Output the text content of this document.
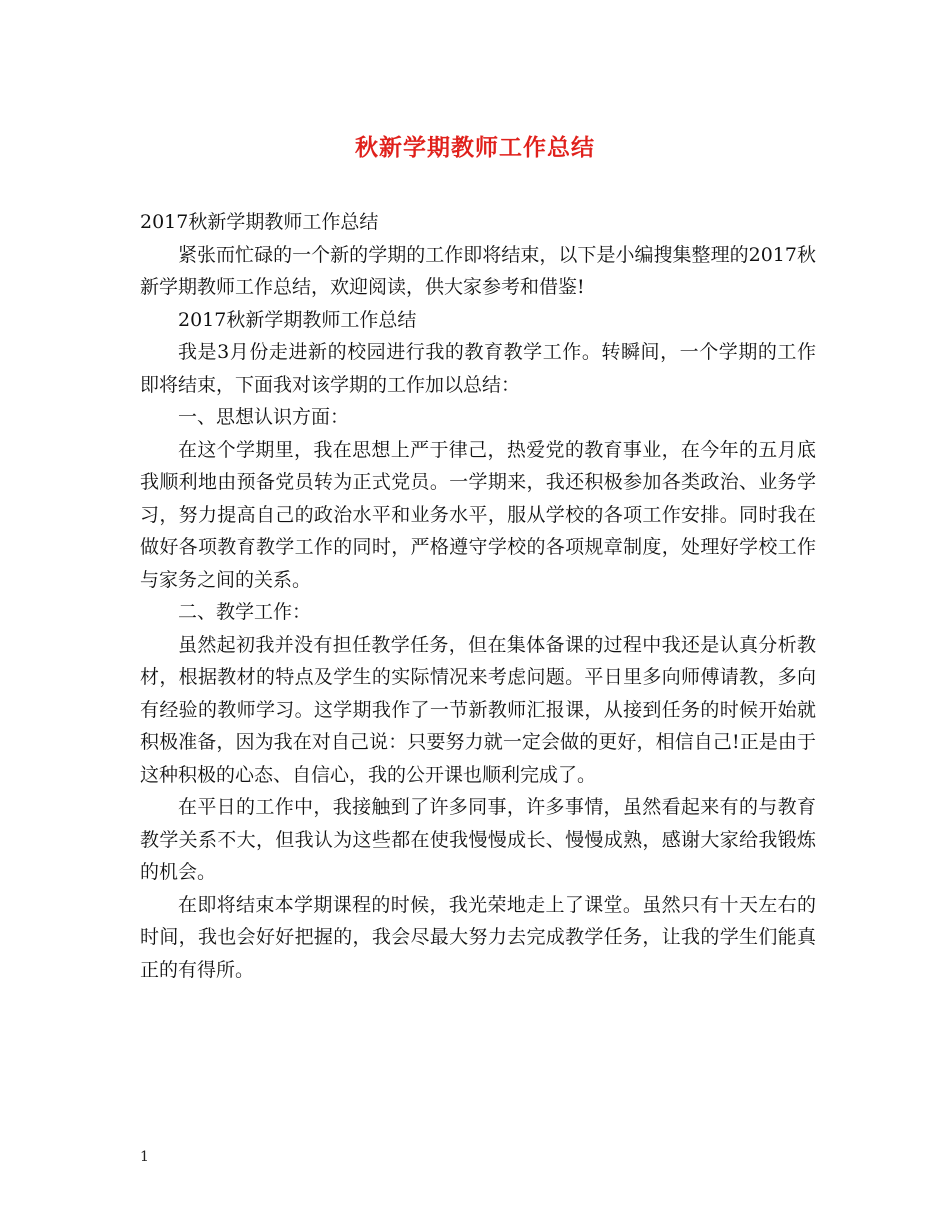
秋新学期教师工作总结

2017秋新学期教师工作总结

紧张而忙碌的一个新的学期的工作即将结束，以下是小编搜集整理的2017秋新学期教师工作总结，欢迎阅读，供大家参考和借鉴!

2017秋新学期教师工作总结

我是3月份走进新的校园进行我的教育教学工作。转瞬间，一个学期的工作即将结束，下面我对该学期的工作加以总结：

一、思想认识方面：

在这个学期里，我在思想上严于律己，热爱党的教育事业，在今年的五月底我顺利地由预备党员转为正式党员。一学期来，我还积极参加各类政治、业务学习，努力提高自己的政治水平和业务水平，服从学校的各项工作安排。同时我在做好各项教育教学工作的同时，严格遵守学校的各项规章制度，处理好学校工作与家务之间的关系。

二、教学工作：

虽然起初我并没有担任教学任务，但在集体备课的过程中我还是认真分析教材，根据教材的特点及学生的实际情况来考虑问题。平日里多向师傅请教，多向有经验的教师学习。这学期我作了一节新教师汇报课，从接到任务的时候开始就积极准备，因为我在对自己说：只要努力就一定会做的更好，相信自己!正是由于这种积极的心态、自信心，我的公开课也顺利完成了。

在平日的工作中，我接触到了许多同事，许多事情，虽然看起来有的与教育教学关系不大，但我认为这些都在使我慢慢成长、慢慢成熟，感谢大家给我锻炼的机会。

在即将结束本学期课程的时候，我光荣地走上了课堂。虽然只有十天左右的时间，我也会好好把握的，我会尽最大努力去完成教学任务，让我的学生们能真正的有得所。

1
